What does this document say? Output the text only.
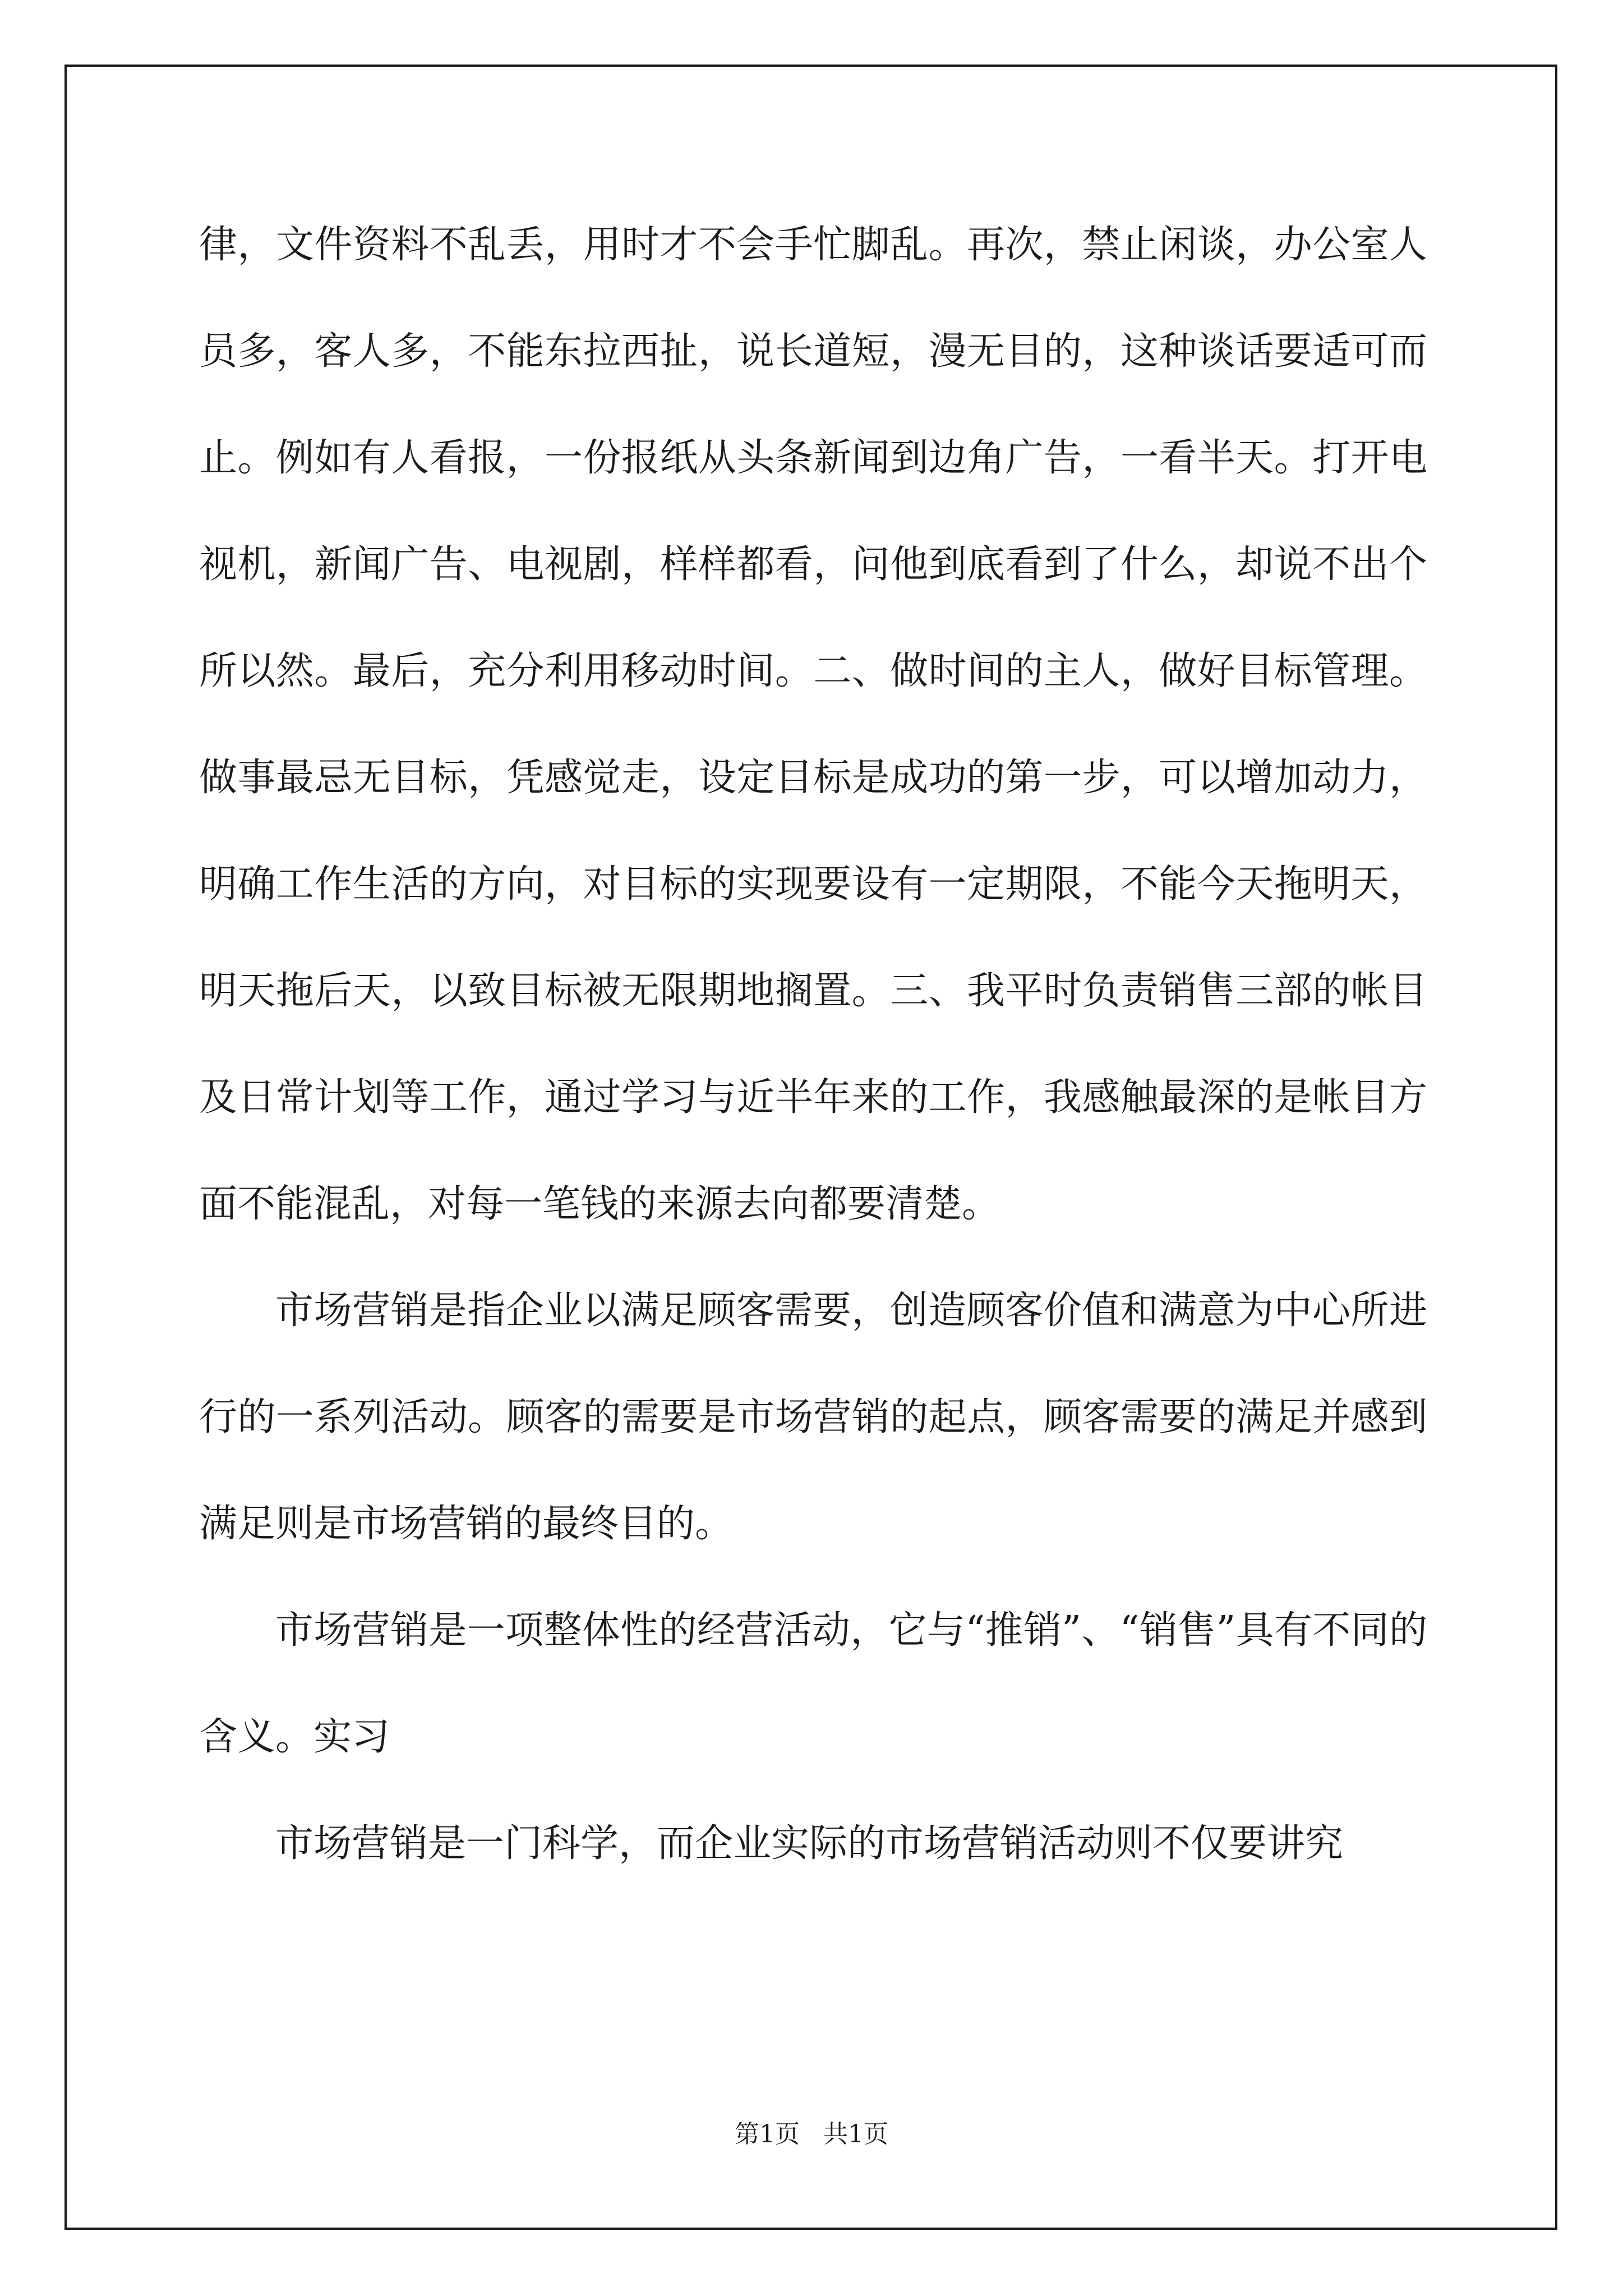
律，文件资料不乱丢，用时才不会手忙脚乱。再次，禁止闲谈，办公室人员多，客人多，不能东拉西扯，说长道短，漫无目的，这种谈话要适可而止。例如有人看报，一份报纸从头条新闻到边角广告，一看半天。打开电视机，新闻广告、电视剧，样样都看，问他到底看到了什么，却说不出个所以然。最后，充分利用移动时间。二、做时间的主人，做好目标管理。做事最忌无目标，凭感觉走，设定目标是成功的第一步，可以增加动力，明确工作生活的方向，对目标的实现要设有一定期限，不能今天拖明天，明天拖后天，以致目标被无限期地搁置。三、我平时负责销售三部的帐目及日常计划等工作，通过学习与近半年来的工作，我感触最深的是帐目方面不能混乱，对每一笔钱的来源去向都要清楚。

市场营销是指企业以满足顾客需要，创造顾客价值和满意为中心所进行的一系列活动。顾客的需要是市场营销的起点，顾客需要的满足并感到满足则是市场营销的最终目的。

市场营销是一项整体性的经营活动，它与“推销”、“销售”具有不同的含义。实习

市场营销是一门科学，而企业实际的市场营销活动则不仅要讲究

第1页   共1页
